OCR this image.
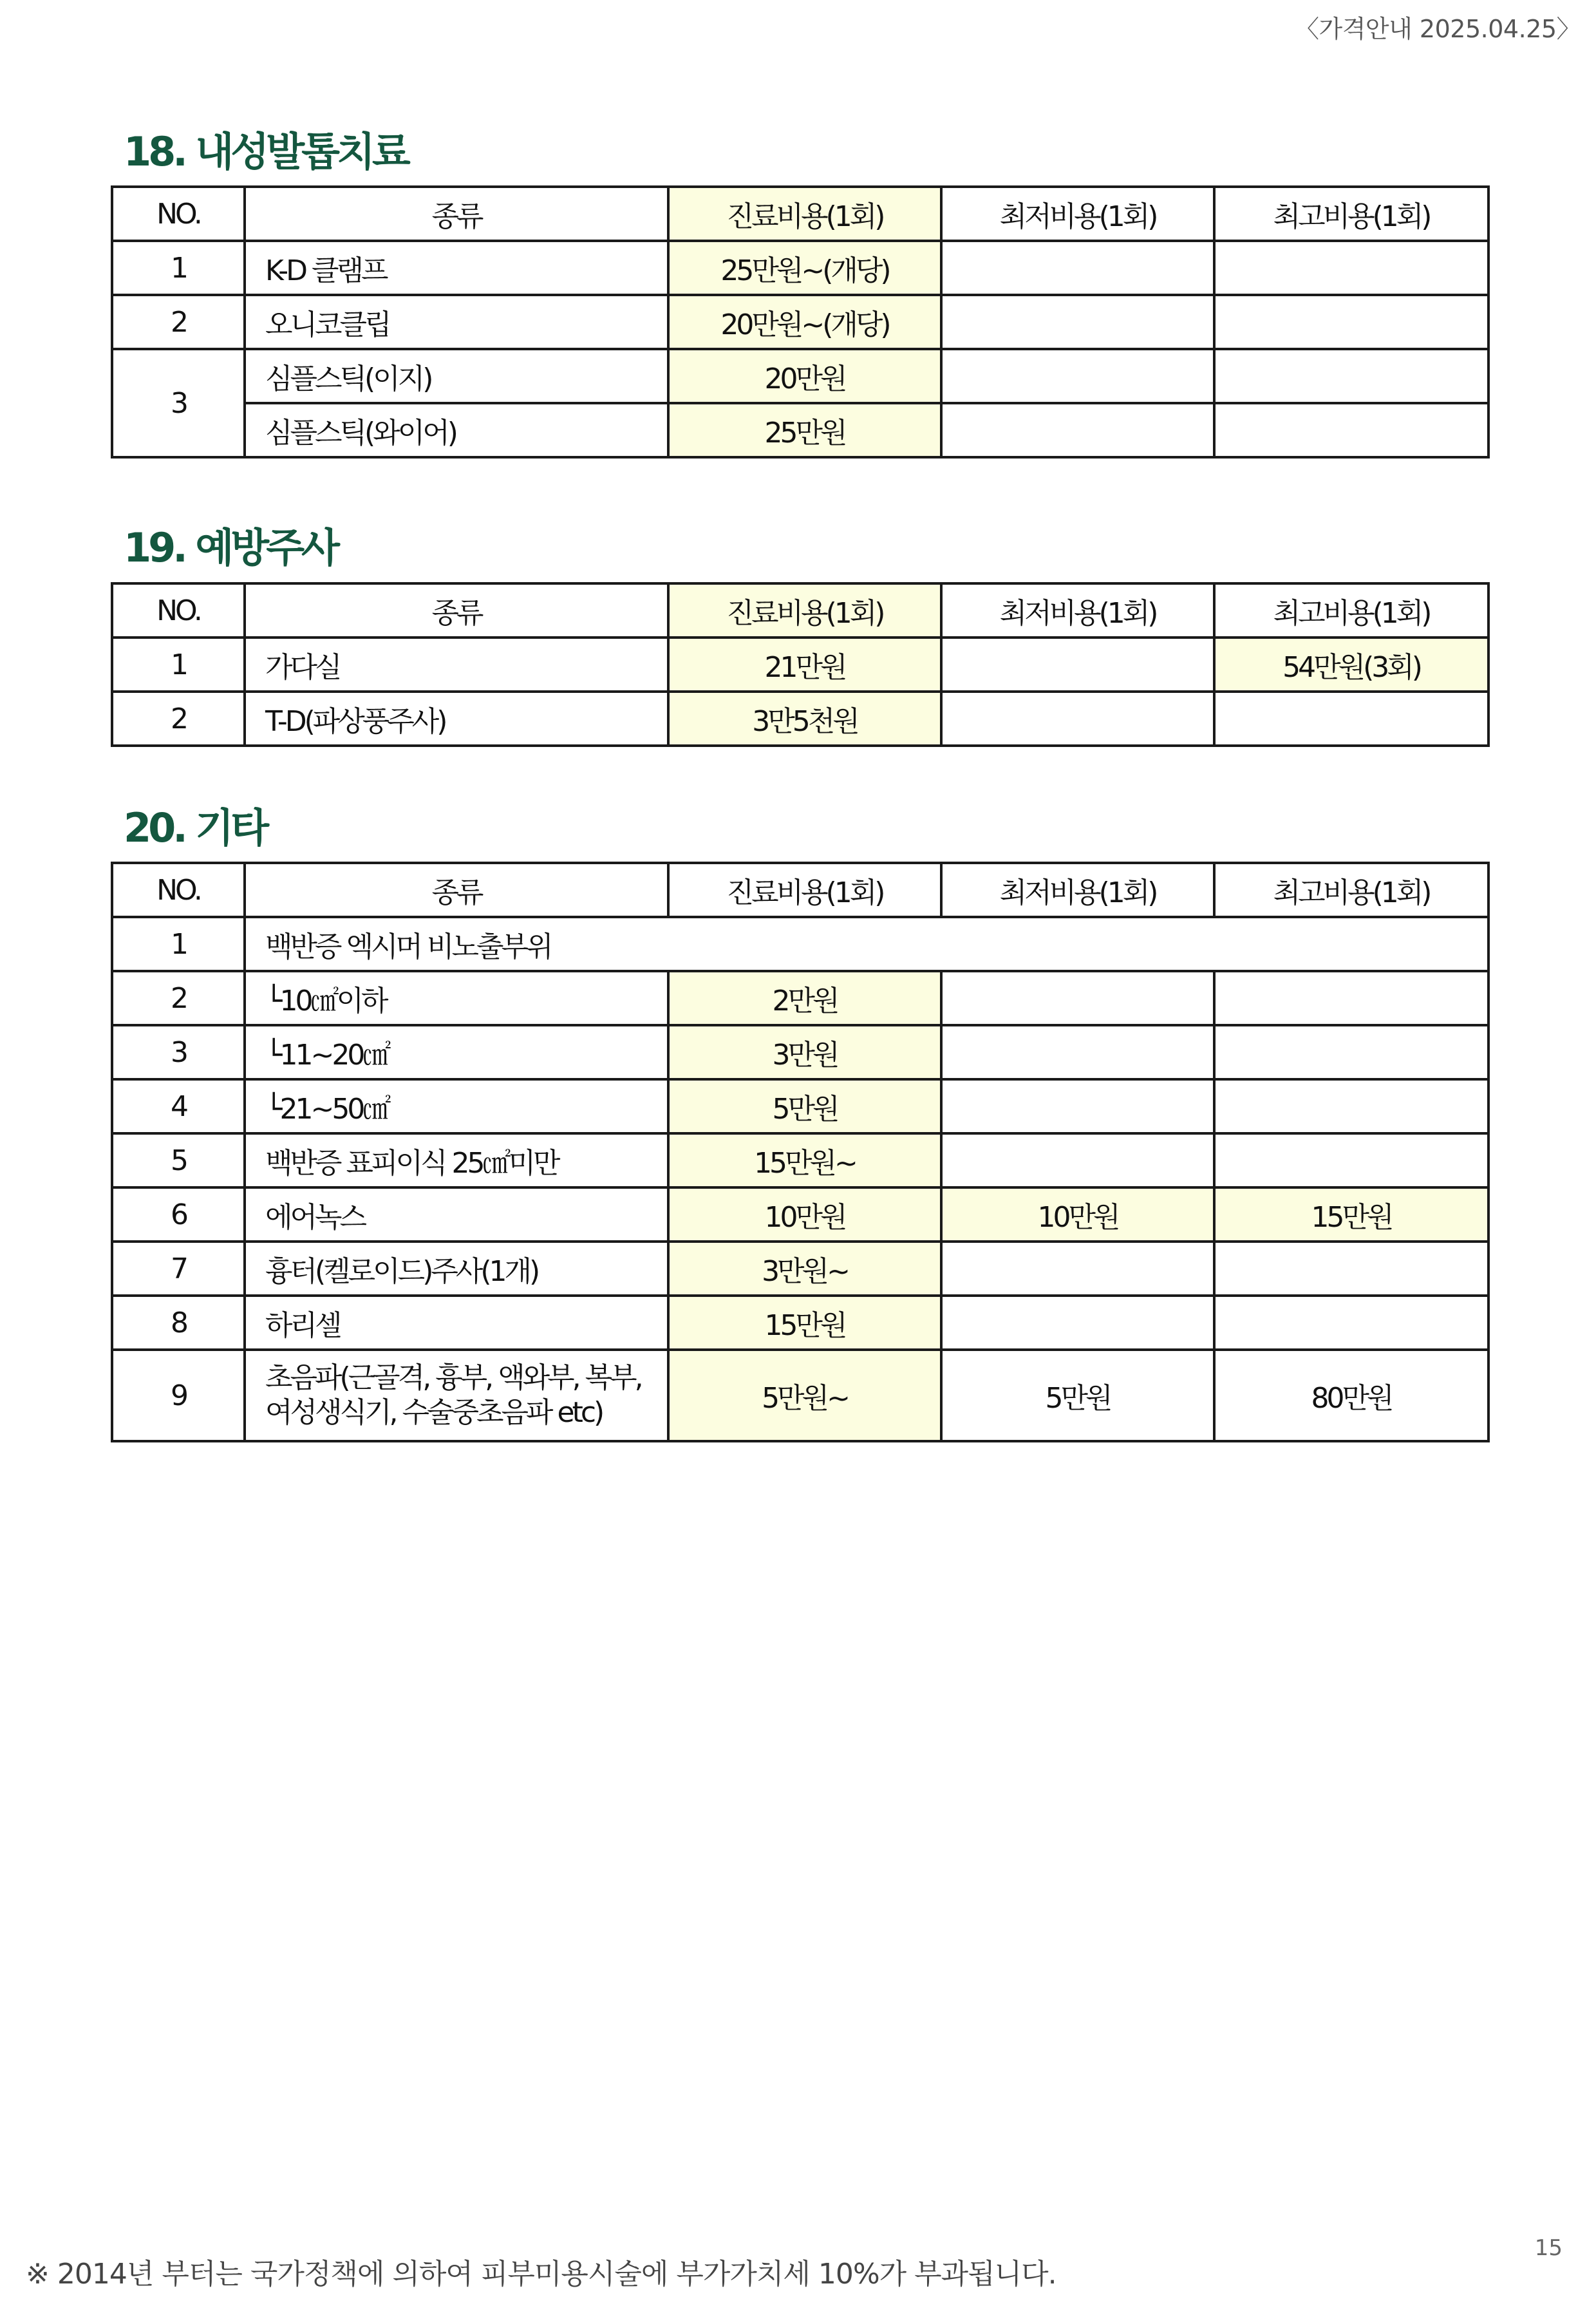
〈가격안내 2025.04.25〉
18. 내성발톱치료
NO.	종류	진료비용(1회)	최저비용(1회)	최고비용(1회)
1	K-D 클램프	25만원~(개당)		
2	오니코클립	20만원~(개당)		
3	심플스틱(이지)	20만원		
	심플스틱(와이어)	25만원		
19. 예방주사
NO.	종류	진료비용(1회)	최저비용(1회)	최고비용(1회)
1	가다실	21만원		54만원(3회)
2	T-D(파상풍주사)	3만5천원		
20. 기타
NO.	종류	진료비용(1회)	최저비용(1회)	최고비용(1회)
1	백반증 엑시머 비노출부위			
2	└10㎠이하	2만원		
3	└11~20㎠	3만원		
4	└21~50㎠	5만원		
5	백반증 표피이식 25㎠미만	15만원~		
6	에어녹스	10만원	10만원	15만원
7	흉터(켈로이드)주사(1개)	3만원~		
8	하리셀	15만원		
9	초음파(근골격, 흉부, 액와부, 복부, 여성생식기, 수술중초음파 etc)	5만원~	5만원	80만원
※ 2014년 부터는 국가정책에 의하여 피부미용시술에 부가가치세 10%가 부과됩니다.
15
